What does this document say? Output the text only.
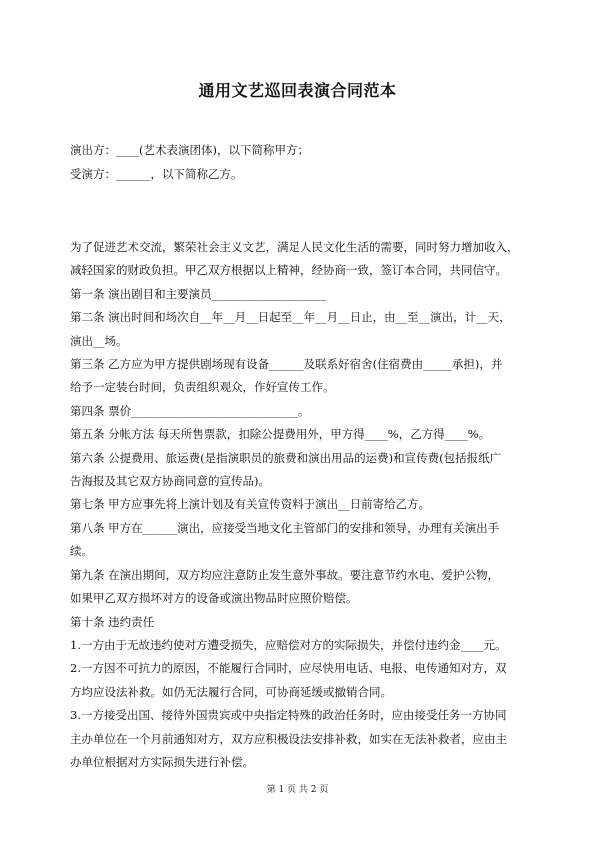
通用文艺巡回表演合同范本
演出方：____(艺术表演团体)，以下简称甲方；
受演方：______，以下简称乙方。

为了促进艺术交流，繁荣社会主义文艺，满足人民文化生活的需要，同时努力增加收入，

减轻国家的财政负担。甲乙双方根据以上精神，经协商一致，签订本合同，共同信守。

第一条 演出剧目和主要演员____________________

第二条 演出时间和场次自__年__月__日起至__年__月__日止，由__至__演出，计__天，

演出__场。

第三条 乙方应为甲方提供剧场现有设备______及联系好宿舍(住宿费由_____承担)，并

给予一定装台时间，负责组织观众，作好宣传工作。

第四条 票价_____________________________。

第五条 分帐方法 每天所售票款，扣除公提费用外，甲方得____%，乙方得____%。

第六条 公提费用、旅运费(是指演职员的旅费和演出用品的运费)和宣传费(包括报纸广

告海报及其它双方协商同意的宣传品)。

第七条 甲方应事先将上演计划及有关宣传资料于演出__日前寄给乙方。

第八条 甲方在______演出，应接受当地文化主管部门的安排和领导，办理有关演出手

续。

第九条 在演出期间，双方均应注意防止发生意外事故。要注意节约水电、爱护公物，

如果甲乙双方损坏对方的设备或演出物品时应照价赔偿。

第十条 违约责任

1.一方由于无故违约使对方遭受损失，应赔偿对方的实际损失，并偿付违约金____元。

2.一方因不可抗力的原因，不能履行合同时，应尽快用电话、电报、电传通知对方，双

方均应设法补救。如仍无法履行合同，可协商延缓或撤销合同。

3.一方接受出国、接待外国贵宾或中央指定特殊的政治任务时，应由接受任务一方协同

主办单位在一个月前通知对方，双方应积极设法安排补救，如实在无法补救者，应由主

办单位根据对方实际损失进行补偿。

第 1 页 共 2 页
